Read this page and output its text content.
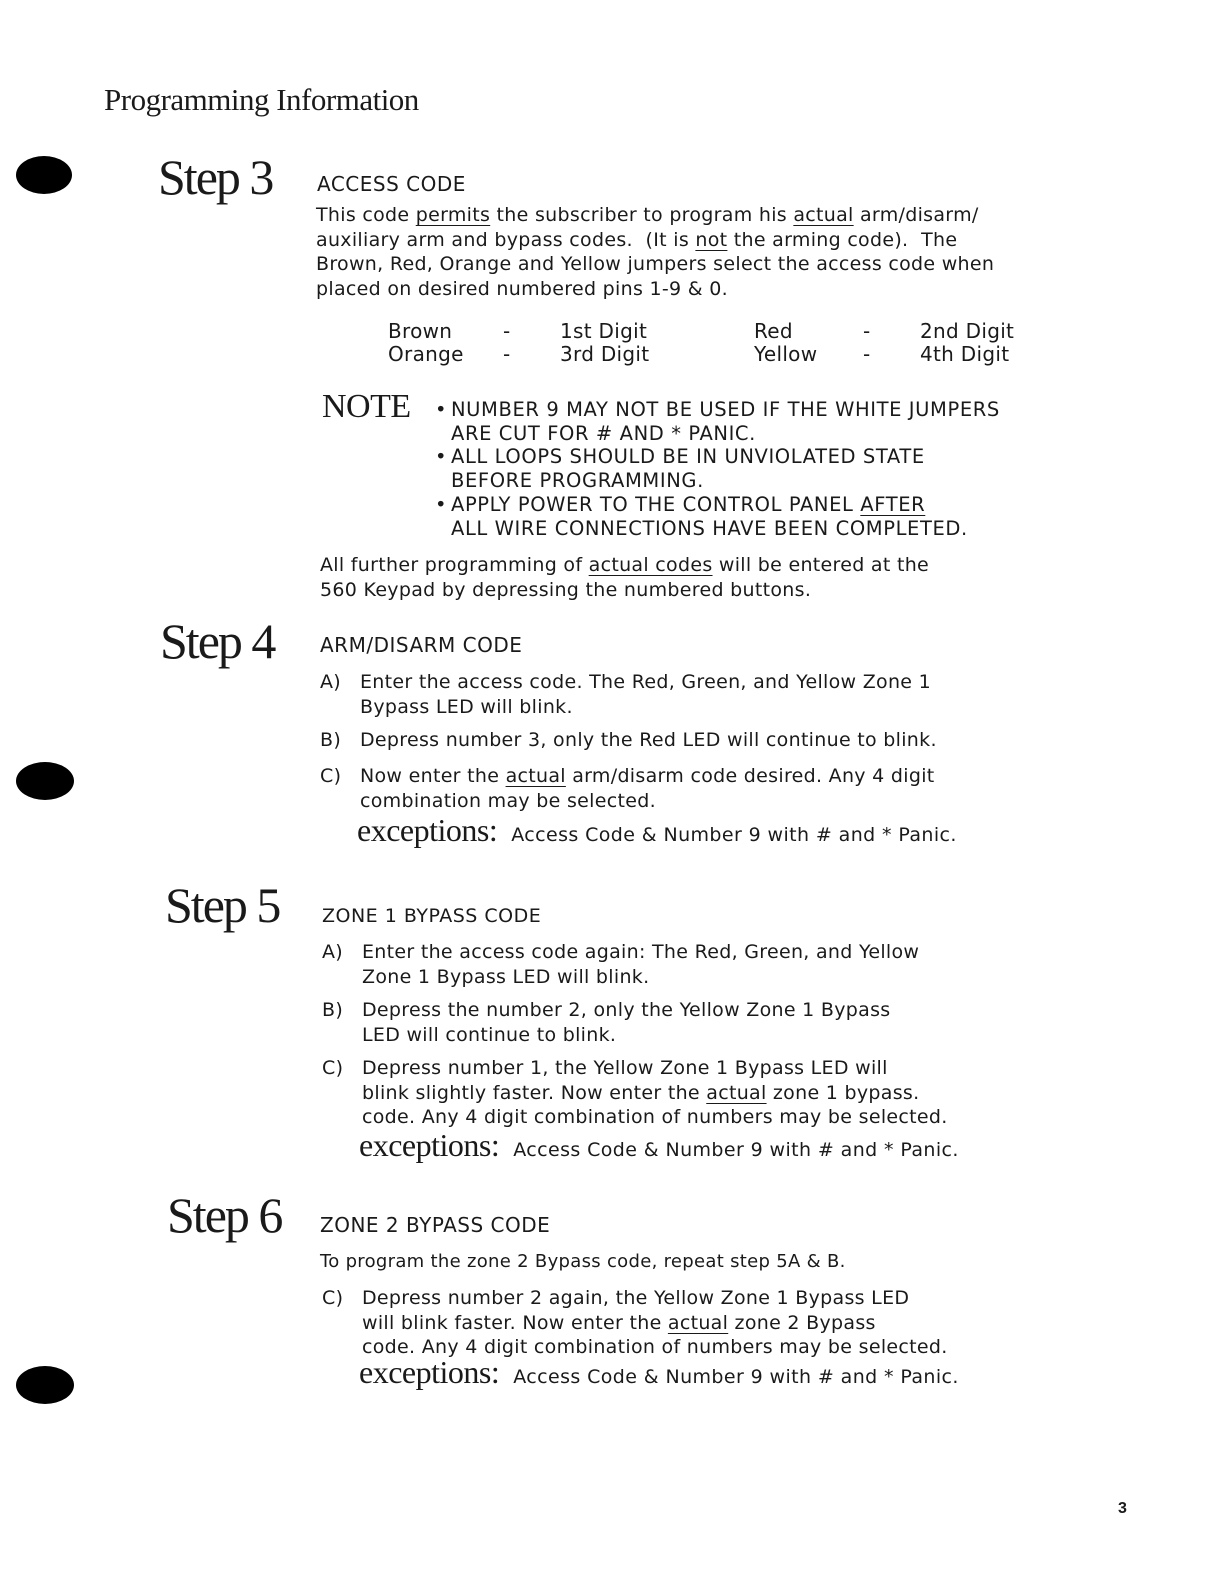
Programming Information
Step 3 ACCESS CODE
This code permits the subscriber to program his actual arm/disarm/
auxiliary arm and bypass codes.  (It is not the arming code).  The
Brown, Red, Orange and Yellow jumpers select the access code when
placed on desired numbered pins 1-9 & 0.
Brown	- 1st Digit	Red	- 2nd Digit
Orange - 3rd Digit	Yellow - 4th Digit
NOTE • NUMBER 9 MAY NOT BE USED IF THE WHITE JUMPERS
ARE CUT FOR # AND * PANIC.
• ALL LOOPS SHOULD BE IN UNVIOLATED STATE
BEFORE PROGRAMMING.
• APPLY POWER TO THE CONTROL PANEL AFTER
ALL WIRE CONNECTIONS HAVE BEEN COMPLETED.
All further programming of actual codes will be entered at the
560 Keypad by depressing the numbered buttons.
Step 4 ARM/DISARM CODE
A) Enter the access code. The Red, Green, and Yellow Zone 1
Bypass LED will blink.
B) Depress number 3, only the Red LED will continue to blink.
C) Now enter the actual arm/disarm code desired. Any 4 digit
combination may be selected.
exceptions: Access Code & Number 9 with # and * Panic.
Step 5 ZONE 1 BYPASS CODE
A) Enter the access code again: The Red, Green, and Yellow
Zone 1 Bypass LED will blink.
B) Depress the number 2, only the Yellow Zone 1 Bypass
LED will continue to blink.
C) Depress number 1, the Yellow Zone 1 Bypass LED will
blink slightly faster. Now enter the actual zone 1 bypass.
code. Any 4 digit combination of numbers may be selected.
exceptions: Access Code & Number 9 with # and * Panic.
Step 6 ZONE 2 BYPASS CODE
To program the zone 2 Bypass code, repeat step 5A & B.
C) Depress number 2 again, the Yellow Zone 1 Bypass LED
will blink faster. Now enter the actual zone 2 Bypass
code. Any 4 digit combination of numbers may be selected.
exceptions: Access Code & Number 9 with # and * Panic.
3
